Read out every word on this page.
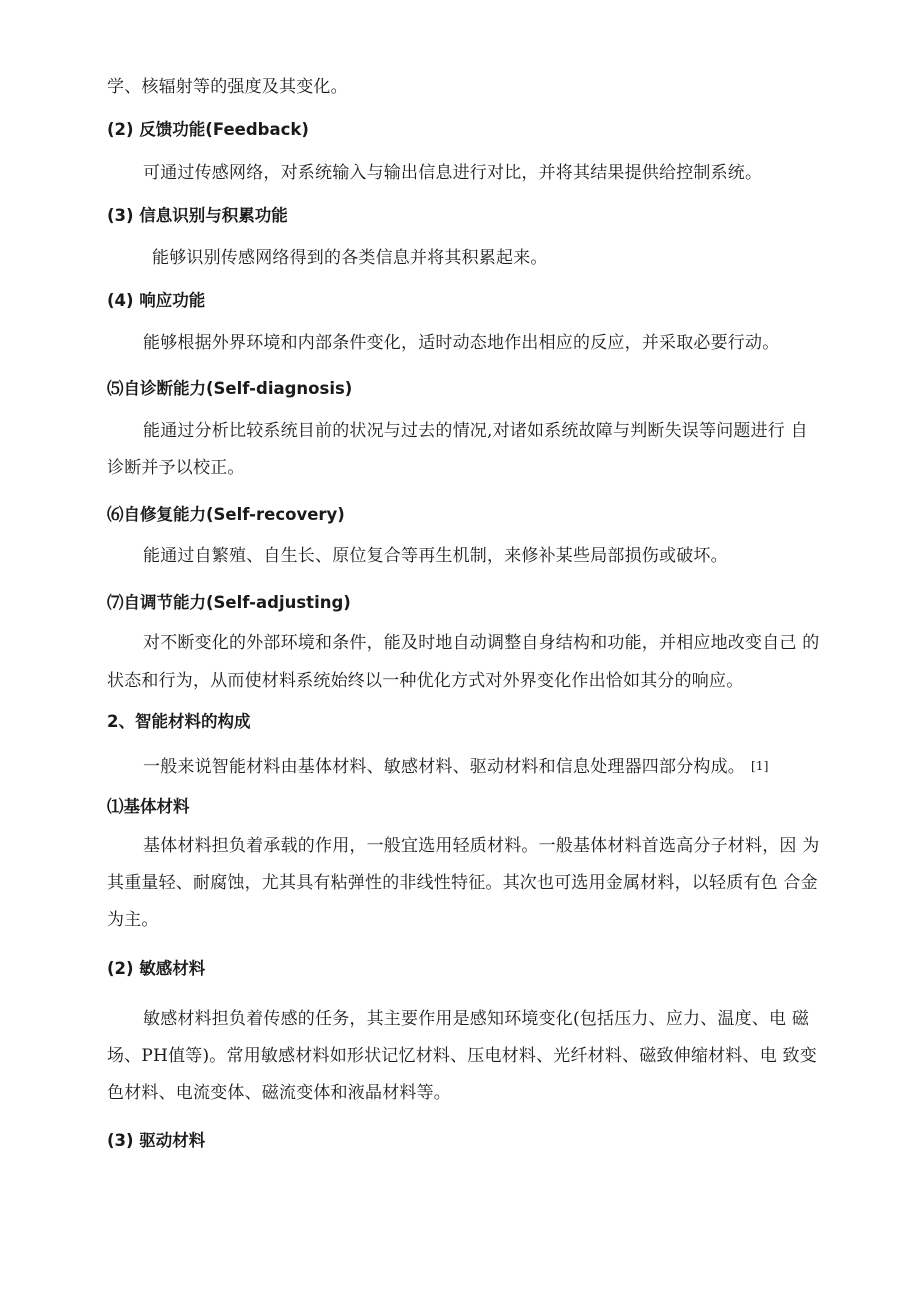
学、核辐射等的强度及其变化。
(2) 反馈功能(Feedback)
可通过传感网络，对系统输入与输出信息进行对比，并将其结果提供给控制系统。
(3) 信息识别与积累功能
能够识别传感网络得到的各类信息并将其积累起来。
(4) 响应功能
能够根据外界环境和内部条件变化，适时动态地作出相应的反应，并采取必要行动。
⑸自诊断能力(Self-diagnosis)
能通过分析比较系统目前的状况与过去的情况,对诸如系统故障与判断失误等问题进行 自
诊断并予以校正。
⑹自修复能力(Self-recovery)
能通过自繁殖、自生长、原位复合等再生机制，来修补某些局部损伤或破坏。
⑺自调节能力(Self-adjusting)
对不断变化的外部环境和条件，能及时地自动调整自身结构和功能，并相应地改变自己 的
状态和行为，从而使材料系统始终以一种优化方式对外界变化作出恰如其分的响应。
2、智能材料的构成
一般来说智能材料由基体材料、敏感材料、驱动材料和信息处理器四部分构成。 [1]
⑴基体材料
基体材料担负着承载的作用，一般宜选用轻质材料。一般基体材料首选高分子材料，因 为
其重量轻、耐腐蚀，尤其具有粘弹性的非线性特征。其次也可选用金属材料，以轻质有色 合金
为主。
(2) 敏感材料
敏感材料担负着传感的任务，其主要作用是感知环境变化(包括压力、应力、温度、电 磁
场、PH值等)。常用敏感材料如形状记忆材料、压电材料、光纤材料、磁致伸缩材料、电 致变
色材料、电流变体、磁流变体和液晶材料等。
(3) 驱动材料
